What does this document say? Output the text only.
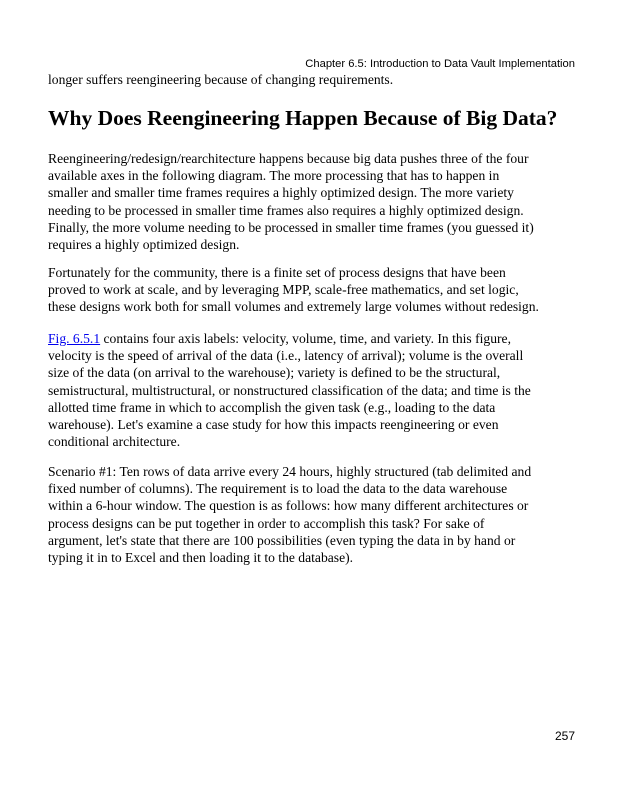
Chapter 6.5: Introduction to Data Vault Implementation
longer suffers reengineering because of changing requirements.
Why Does Reengineering Happen Because of Big Data?
Reengineering/redesign/rearchitecture happens because big data pushes three of the four
available axes in the following diagram. The more processing that has to happen in
smaller and smaller time frames requires a highly optimized design. The more variety
needing to be processed in smaller time frames also requires a highly optimized design.
Finally, the more volume needing to be processed in smaller time frames (you guessed it)
requires a highly optimized design.
Fortunately for the community, there is a finite set of process designs that have been
proved to work at scale, and by leveraging MPP, scale-free mathematics, and set logic,
these designs work both for small volumes and extremely large volumes without redesign.
Fig. 6.5.1 contains four axis labels: velocity, volume, time, and variety. In this figure,
velocity is the speed of arrival of the data (i.e., latency of arrival); volume is the overall
size of the data (on arrival to the warehouse); variety is defined to be the structural,
semistructural, multistructural, or nonstructured classification of the data; and time is the
allotted time frame in which to accomplish the given task (e.g., loading to the data
warehouse). Let's examine a case study for how this impacts reengineering or even
conditional architecture.
Scenario #1: Ten rows of data arrive every 24 hours, highly structured (tab delimited and
fixed number of columns). The requirement is to load the data to the data warehouse
within a 6-hour window. The question is as follows: how many different architectures or
process designs can be put together in order to accomplish this task? For sake of
argument, let's state that there are 100 possibilities (even typing the data in by hand or
typing it in to Excel and then loading it to the database).
257
